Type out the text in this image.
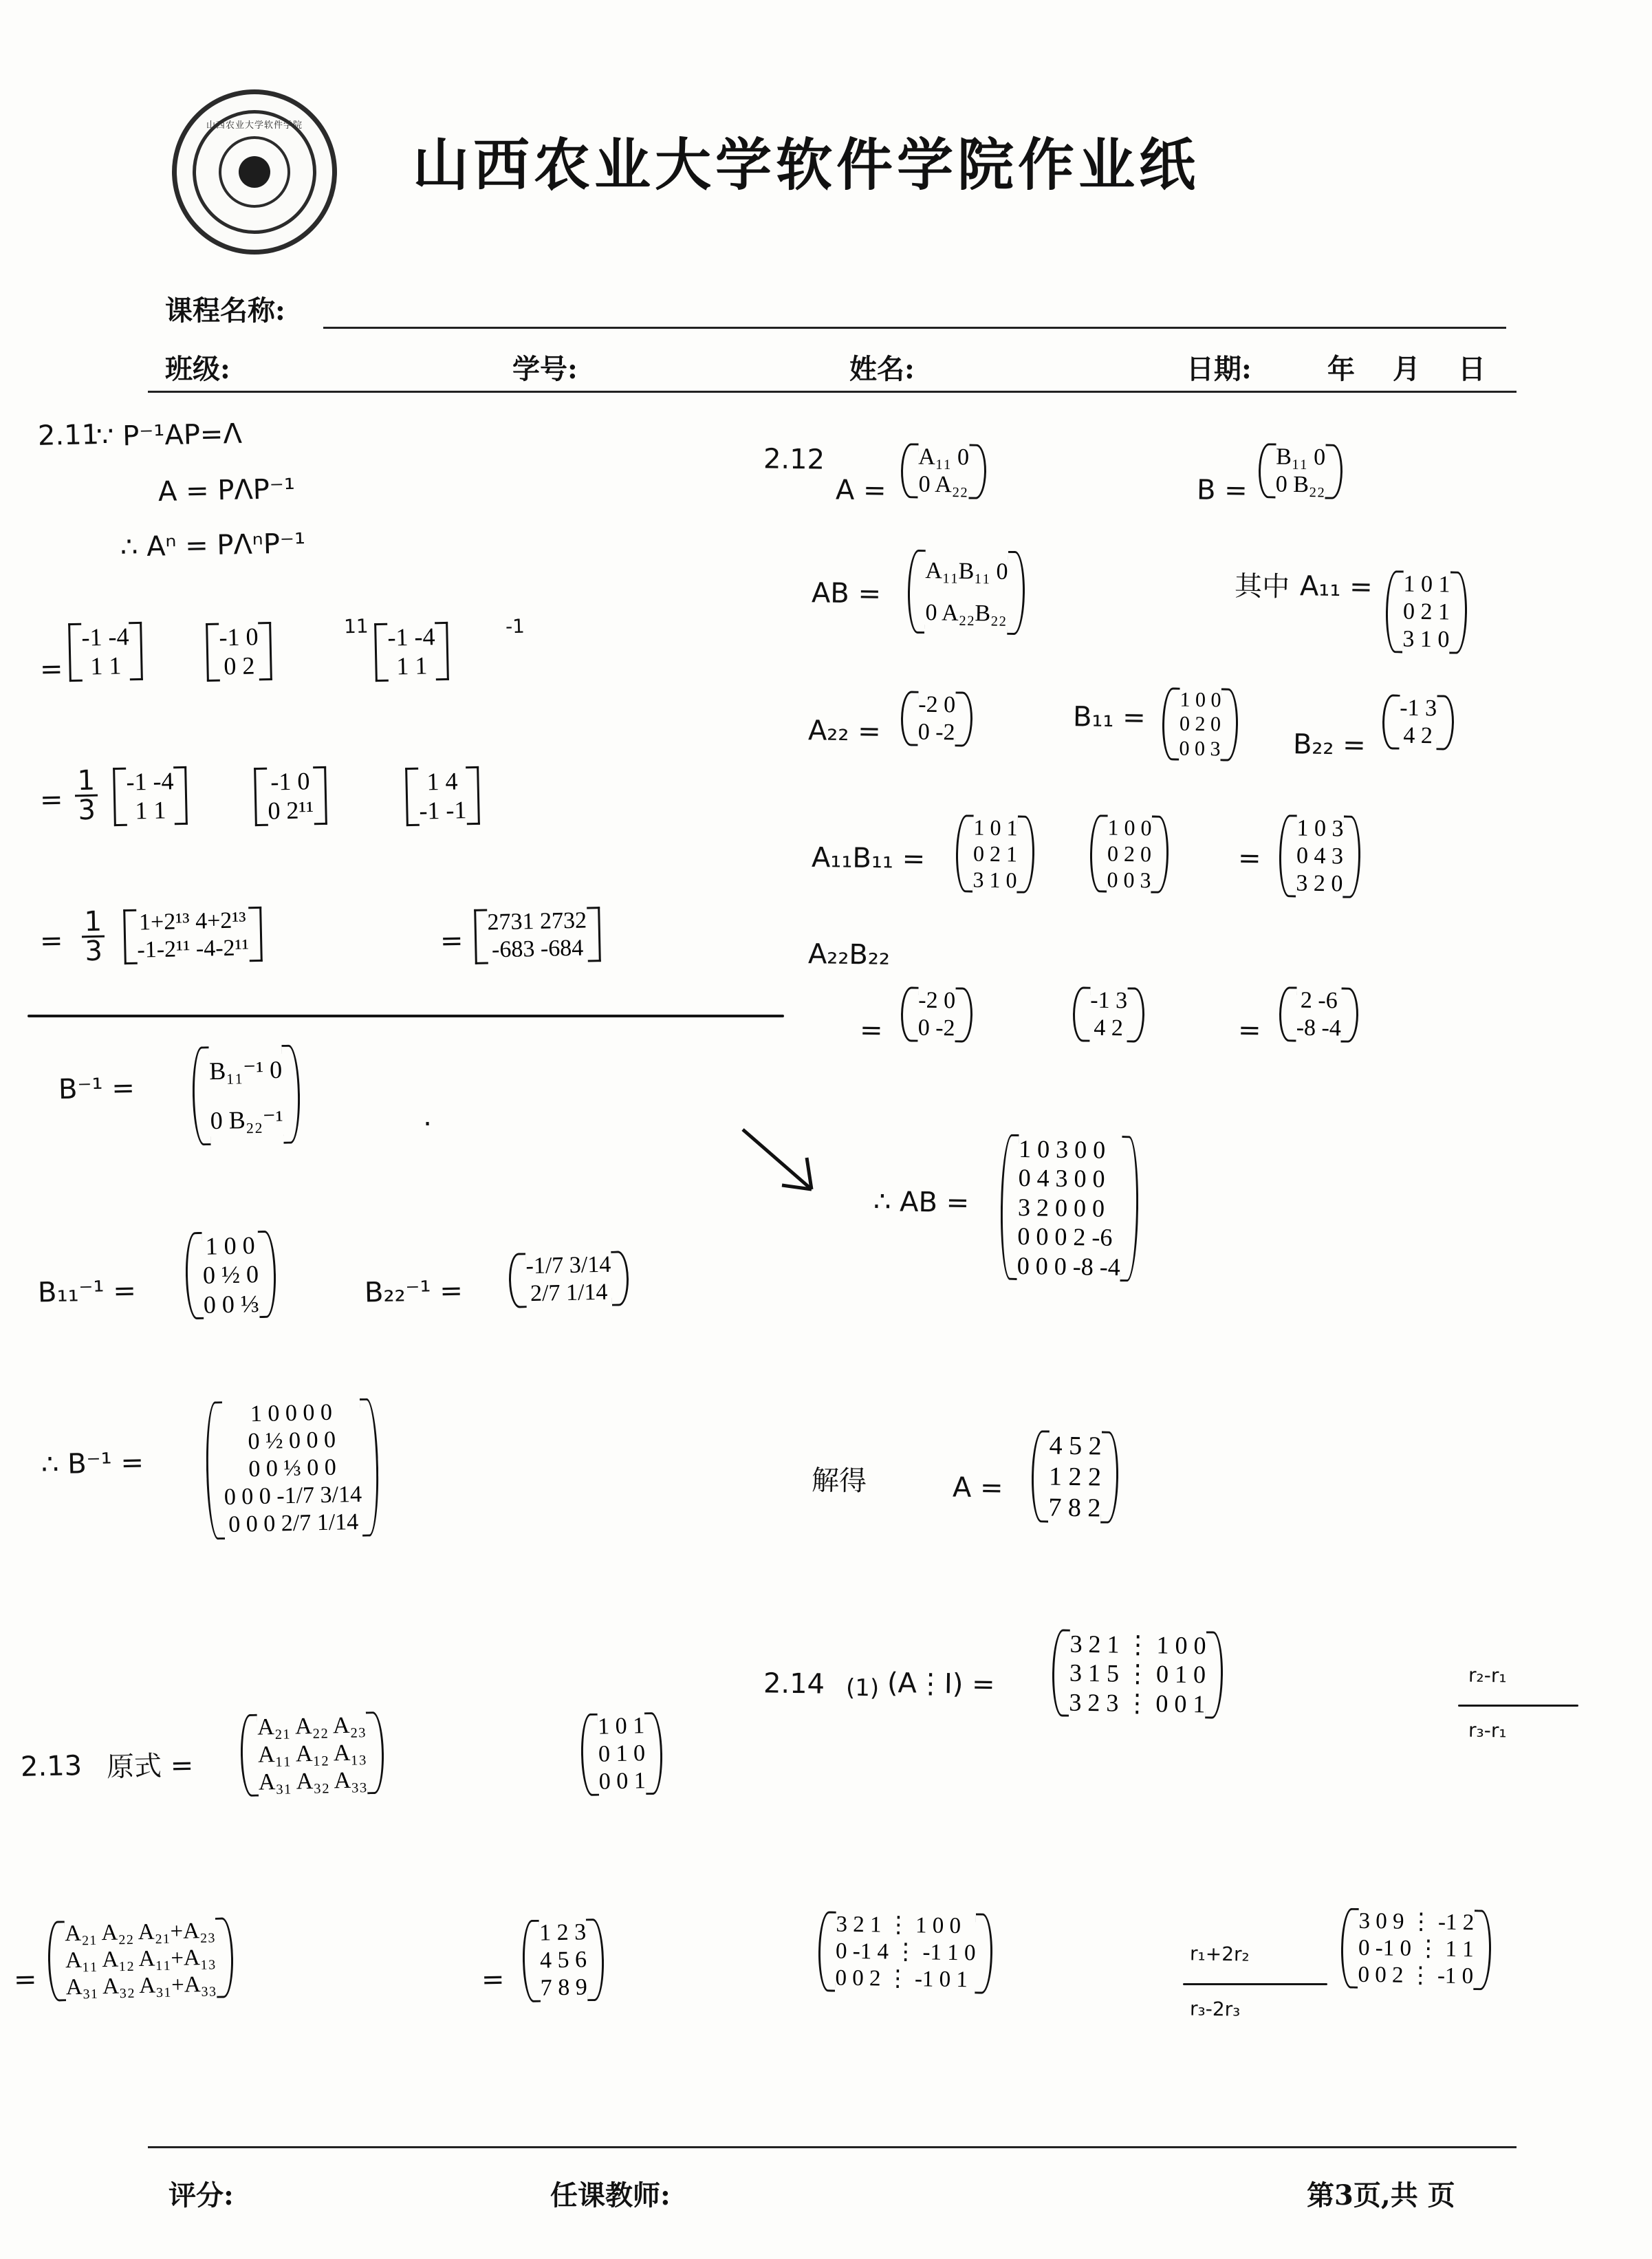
山西农业大学软件学院
山西农业大学软件学院作业纸
课程名称:
班级:	学号:	姓名:	日期:	年 月 日
2.11
∵ P⁻¹AP=Λ
A = PΛP⁻¹
∴ Aⁿ = PΛⁿP⁻¹
=
-1 -4
1 1
-1 0
0 2
11 -1 -4
1 1
-1
= $\frac{1}{3} -1$ -4
1 1
-1 0
0 2¹¹
1 4
-1 -1
= $\frac{1}{3} 1+2^{13}$ 4+2¹³
-1-2¹¹ -4-2¹¹	=
2731 2732
-683 -684
B⁻¹ =
B₁₁⁻¹ 0
0 B₂₂⁻¹	.
B₁₁⁻¹ =
1 0 0
0 ½ 0
0 0 ⅓	B₂₂⁻¹ =
-1/7 3/14
2/7 1/14
∴ B⁻¹ =
1 0 0 0 0
0 ½ 0 0 0
0 0 ⅓ 0 0
0 0 0 -1/7 3/14
0 0 0 2/7 1/14
2.13 原式 =
A₂₁ A₂₂ A₂₃
A₁₁ A₁₂ A₁₃
A₃₁ A₃₂ A₃₃
1 0 1
0 1 0
0 0 1
=
A₂₁ A₂₂ A₂₁+A₂₃
A₁₁ A₁₂ A₁₁+A₁₃
A₃₁ A₃₂ A₃₁+A₃₃	=
1 2 3
4 5 6
7 8 9
2.12
A =
A₁₁ 0
0 A₂₂	B =
B₁₁ 0
0 B₂₂
AB =
A₁₁B₁₁ 0
0 A₂₂B₂₂
其中 A₁₁ = 1 0 1
0 2 1
3 1 0
A₂₂ =
-2 0
0 -2	B₁₁ =
1 0 0
0 2 0
0 0 3	B₂₂ =
-1 3
4 2
A₁₁B₁₁ =
1 0 1
0 2 1
3 1 0
1 0 0
0 2 0
0 0 3
=
1 0 3
0 4 3
3 2 0
A₂₂B₂₂
=
-2 0
0 -2
-1 3
4 2	=
2 -6
-8 -4

∴ AB =
1 0 3 0 0
0 4 3 0 0
3 2 0 0 0
0 0 0 2 -6
0 0 0 -8 -4
解得	A =
4 5 2
1 2 2
7 8 2
2.14 (1) (A⋮I) =
3 2 1 ⋮ 1 0 0
3 1 5 ⋮ 0 1 0
3 2 3 ⋮ 0 0 1
r₂-r₁
r₃-r₁
3 2 1 ⋮ 1 0 0
0 -1 4 ⋮ -1 1 0
0 0 2 ⋮ -1 0 1
r₁+2r₂
r₃-2r₃
3 0 9 ⋮ -1 2
0 -1 0 ⋮ 1 1
0 0 2 ⋮ -1 0
评分:	任课教师:	第3页,共 页
